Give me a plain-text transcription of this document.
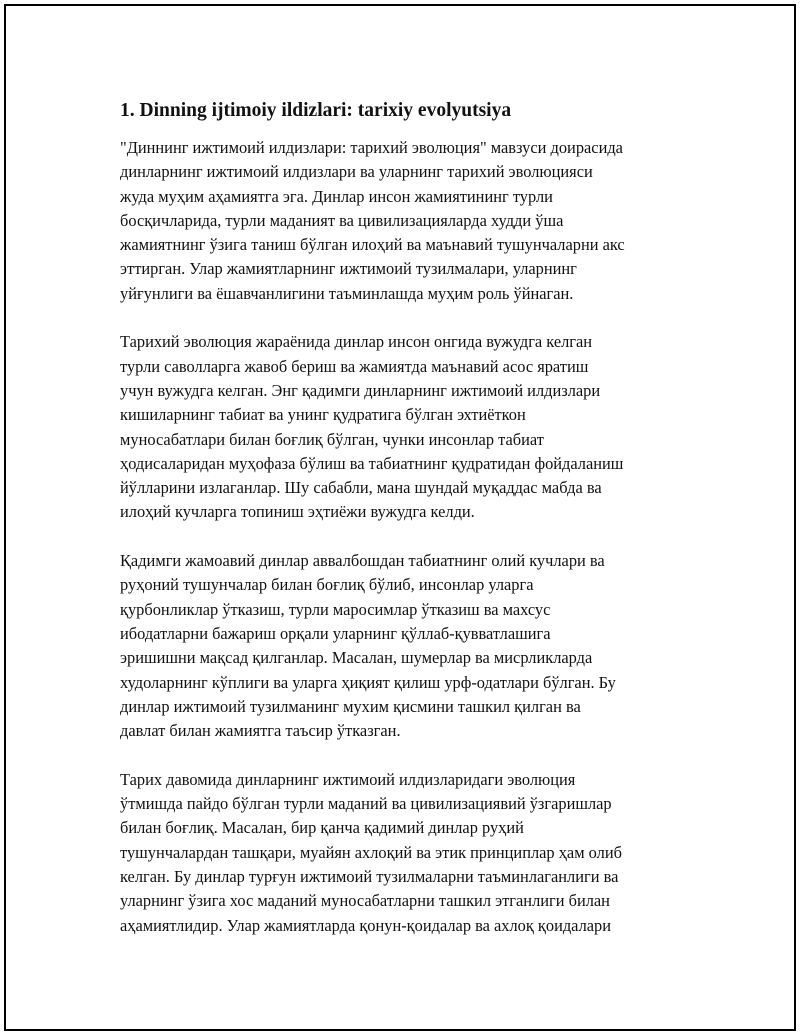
1. Dinning ijtimoiy ildizlari: tarixiy evolyutsiya

"Диннинг ижтимоий илдизлари: тарихий эволюция" мавзуси доирасида
динларнинг ижтимоий илдизлари ва уларнинг тарихий эволюцияси
жуда муҳим аҳамиятга эга. Динлар инсон жамиятининг турли
босқичларида, турли маданият ва цивилизацияларда худди ўша
жамиятнинг ўзига таниш бўлган илоҳий ва маънавий тушунчаларни акс
эттирган. Улар жамиятларнинг ижтимоий тузилмалари, уларнинг
уйғунлиги ва ёшавчанлигини таъминлашда муҳим роль ўйнаган.

Тарихий эволюция жараёнида динлар инсон онгида вужудга келган
турли саволларга жавоб бериш ва жамиятда маънавий асос яратиш
учун вужудга келган. Энг қадимги динларнинг ижтимоий илдизлари
кишиларнинг табиат ва унинг қудратига бўлган эхтиёткон
муносабатлари билан боғлиқ бўлган, чунки инсонлар табиат
ҳодисаларидан муҳофаза бўлиш ва табиатнинг қудратидан фойдаланиш
йўлларини излаганлар. Шу сабабли, мана шундай муқаддас мабда ва
илоҳий кучларга топиниш эҳтиёжи вужудга келди.

Қадимги жамоавий динлар аввалбошдан табиатнинг олий кучлари ва
руҳоний тушунчалар билан боғлиқ бўлиб, инсонлар уларга
қурбонликлар ўтказиш, турли маросимлар ўтказиш ва махсус
ибодатларни бажариш орқали уларнинг қўллаб-қувватлашига
эришишни мақсад қилганлар. Масалан, шумерлар ва мисрликларда
худоларнинг кўплиги ва уларга ҳиқият қилиш урф-одатлари бўлган. Бу
динлар ижтимоий тузилманинг мухим қисмини ташкил қилган ва
давлат билан жамиятга таъсир ўтказган.

Тарих давомида динларнинг ижтимоий илдизларидаги эволюция
ўтмишда пайдо бўлган турли маданий ва цивилизациявий ўзгаришлар
билан боғлиқ. Масалан, бир қанча қадимий динлар руҳий
тушунчалардан ташқари, муайян ахлоқий ва этик принциплар ҳам олиб
келган. Бу динлар турғун ижтимоий тузилмаларни таъминлаганлиги ва
уларнинг ўзига хос маданий муносабатларни ташкил этганлиги билан
аҳамиятлидир. Улар жамиятларда қонун-қоидалар ва ахлоқ қоидалари
